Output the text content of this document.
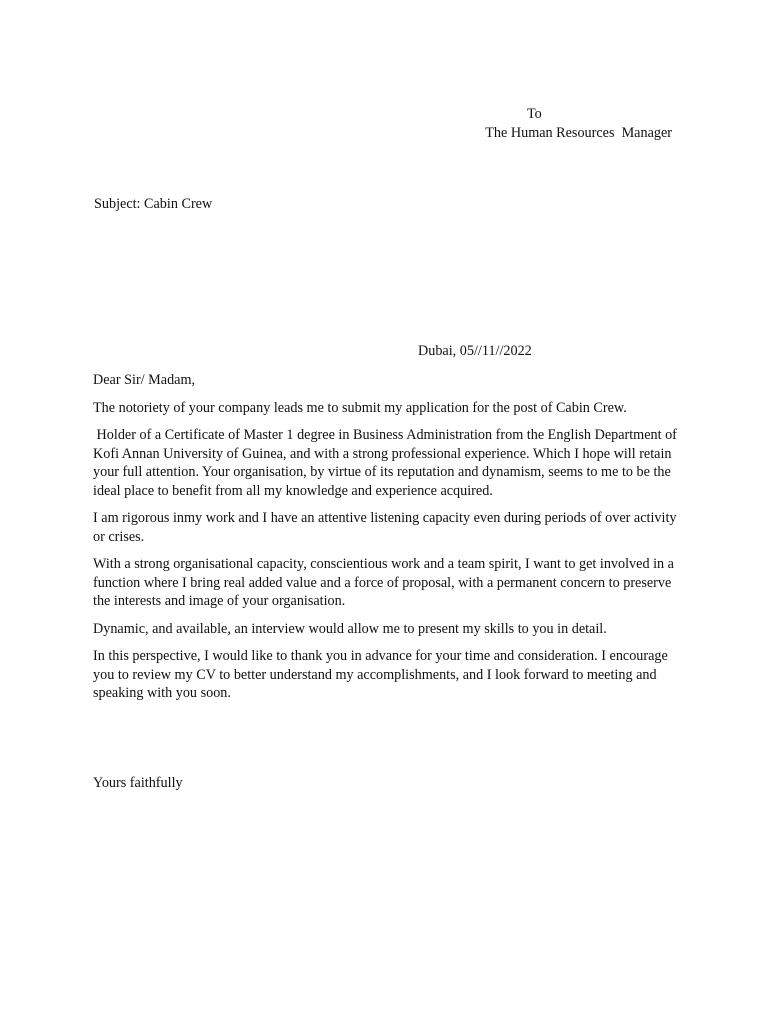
To
The Human Resources  Manager
Subject: Cabin Crew
Dubai, 05//11//2022

Dear Sir/ Madam,

The notoriety of your company leads me to submit my application for the post of Cabin Crew.

Holder of a Certificate of Master 1 degree in Business Administration from the English Department of Kofi Annan University of Guinea, and with a strong professional experience. Which I hope will retain your full attention. Your organisation, by virtue of its reputation and dynamism, seems to me to be the ideal place to benefit from all my knowledge and experience acquired.

I am rigorous inmy work and I have an attentive listening capacity even during periods of over activity or crises.

With a strong organisational capacity, conscientious work and a team spirit, I want to get involved in a function where I bring real added value and a force of proposal, with a permanent concern to preserve the interests and image of your organisation.

Dynamic, and available, an interview would allow me to present my skills to you in detail.

In this perspective, I would like to thank you in advance for your time and consideration. I encourage you to review my CV to better understand my accomplishments, and I look forward to meeting and speaking with you soon.

Yours faithfully
